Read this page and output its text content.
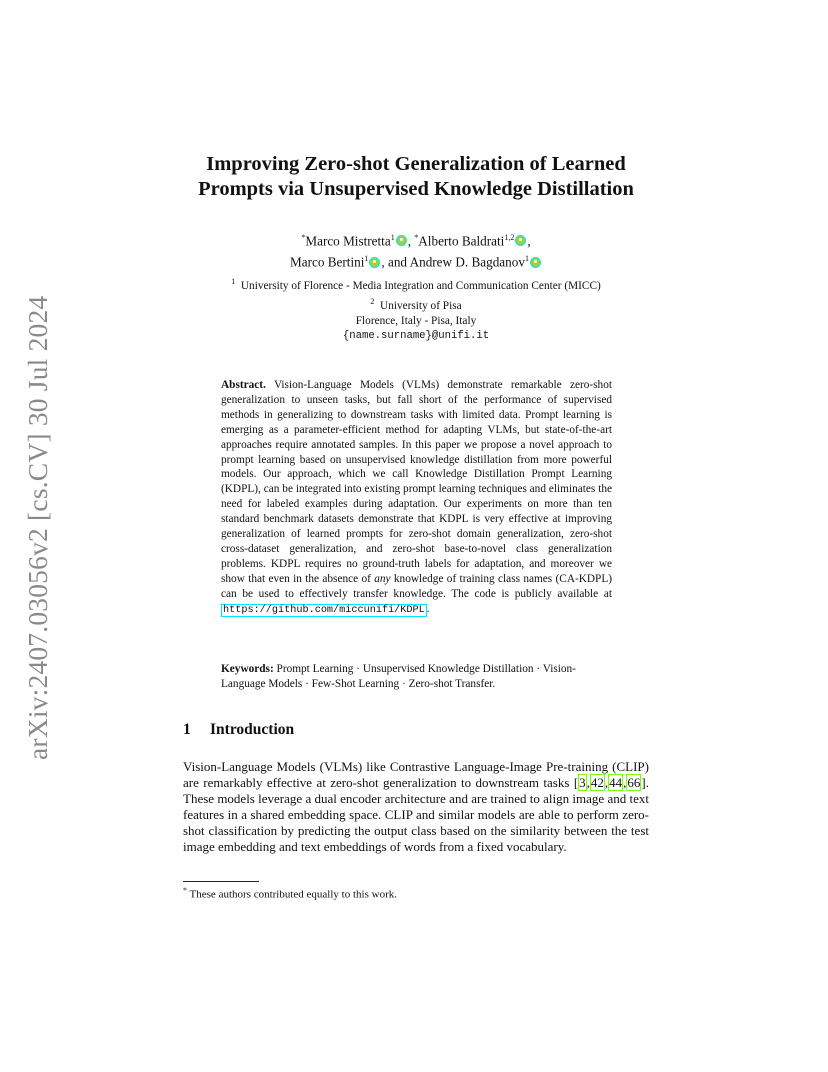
arXiv:2407.03056v2 [cs.CV] 30 Jul 2024
Improving Zero-shot Generalization of Learned
Prompts via Unsupervised Knowledge Distillation
*Marco Mistretta$^1$ , *Alberto Baldrati$^{1,2}$ ,
Marco Bertini$^1$ , and Andrew D. Bagdanov$^1$
$^1$ University of Florence - Media Integration and Communication Center (MICC)
$^2$ University of Pisa
Florence, Italy - Pisa, Italy
{name.surname}@unifi.it
Abstract. Vision-Language Models (VLMs) demonstrate remarkable zero-shot generalization to unseen tasks, but fall short of the performance of supervised methods in generalizing to downstream tasks with limited data. Prompt learning is emerging as a parameter-efficient method for adapting VLMs, but state-of-the-art approaches require annotated samples. In this paper we propose a novel approach to prompt learning based on unsupervised knowledge distillation from more powerful models. Our approach, which we call Knowledge Distillation Prompt Learning (KDPL), can be integrated into existing prompt learning techniques and eliminates the need for labeled examples during adaptation. Our experiments on more than ten standard benchmark datasets demonstrate that KDPL is very effective at improving generalization of learned prompts for zero-shot domain generalization, zero-shot cross-dataset generalization, and zero-shot base-to-novel class generalization problems. KDPL requires no ground-truth labels for adaptation, and moreover we show that even in the absence of any knowledge of training class names (CA-KDPL) can be used to effectively transfer knowledge. The code is publicly available at https://github.com/miccunifi/KDPL .
Keywords: Prompt Learning · Unsupervised Knowledge Distillation · Vision-Language Models · Few-Shot Learning · Zero-shot Transfer.
1 Introduction
Vision-Language Models (VLMs) like Contrastive Language-Image Pre-training (CLIP) are remarkably effective at zero-shot generalization to downstream tasks [3,42,44,66]. These models leverage a dual encoder architecture and are trained to align image and text features in a shared embedding space. CLIP and similar models are able to perform zero-shot classification by predicting the output class based on the similarity between the test image embedding and text embeddings of words from a fixed vocabulary.
* These authors contributed equally to this work.
